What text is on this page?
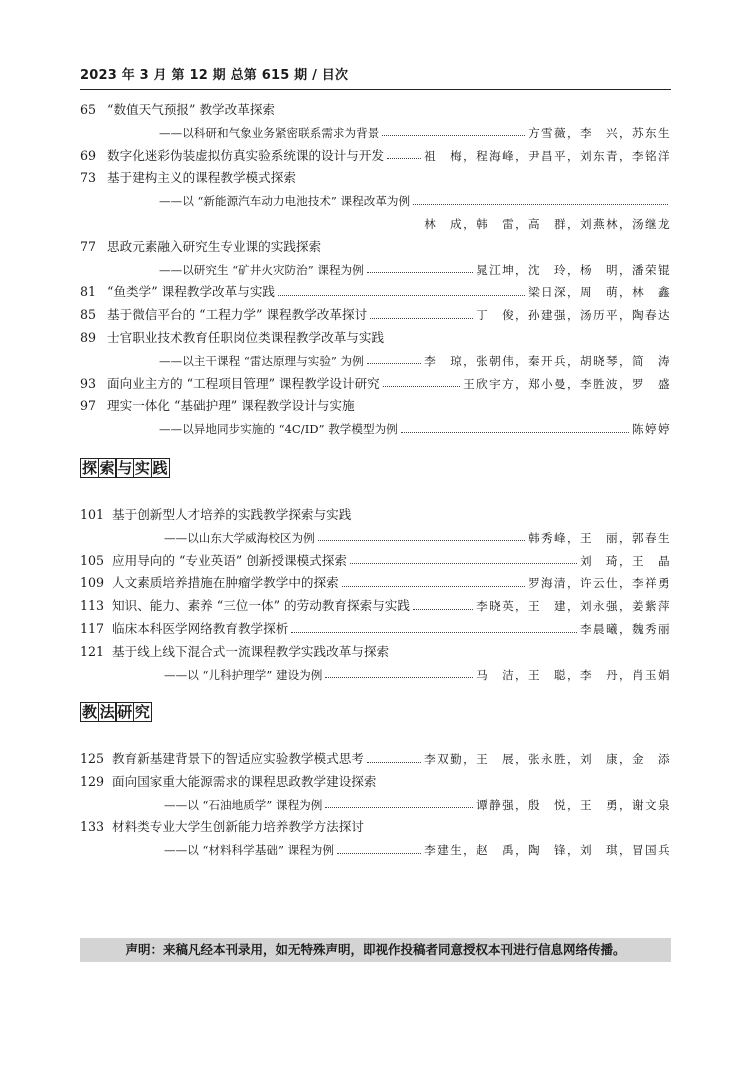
2023 年 3 月 第 12 期 总第 615 期 / 目次
65 “数值天气预报” 教学改革探索
——以科研和气象业务紧密联系需求为背景	方雪薇，李　兴，苏东生
69 数字化迷彩伪装虚拟仿真实验系统课的设计与开发	祖　梅，程海峰，尹昌平，刘东青，李铭洋
73 基于建构主义的课程教学模式探索
——以 “新能源汽车动力电池技术” 课程改革为例
林　成，韩　雷，高　群，刘燕林，汤继龙
77 思政元素融入研究生专业课的实践探索
——以研究生 “矿井火灾防治” 课程为例	晁江坤，沈　玲，杨　明，潘荣锟
81 “鱼类学” 课程教学改革与实践	梁日深，周　萌，林　鑫
85 基于微信平台的 “工程力学” 课程教学改革探讨	丁　俊，孙建强，汤历平，陶春达
89 士官职业技术教育任职岗位类课程教学改革与实践
——以主干课程 “雷达原理与实验” 为例	李　琼，张朝伟，秦开兵，胡晓琴，简　涛
93 面向业主方的 “工程项目管理” 课程教学设计研究	王欣宇方，郑小曼，李胜波，罗　盛
97 理实一体化 “基础护理” 课程教学设计与实施
——以异地同步实施的 “4C/ID” 教学模型为例	陈婷婷
探 索 与 实 践
101 基于创新型人才培养的实践教学探索与实践
——以山东大学威海校区为例	韩秀峰，王　丽，郭春生
105 应用导向的 “专业英语” 创新授课模式探索	刘　琦，王　晶
109 人文素质培养措施在肿瘤学教学中的探索	罗海清，许云仕，李祥勇
113 知识、能力、素养 “三位一体” 的劳动教育探索与实践	李晓英，王　建，刘永强，姜紫萍
117 临床本科医学网络教育教学探析	李晨曦，魏秀丽
121 基于线上线下混合式一流课程教学实践改革与探索
——以 “儿科护理学” 建设为例	马　洁，王　聪，李　丹，肖玉娟
教 法 研 究
125 教育新基建背景下的智适应实验教学模式思考	李双勤，王　展，张永胜，刘　康，金　添
129 面向国家重大能源需求的课程思政教学建设探索
——以 “石油地质学” 课程为例	谭静强，殷　悦，王　勇，谢文泉
133 材料类专业大学生创新能力培养教学方法探讨
——以 “材料科学基础” 课程为例	李建生，赵　禹，陶　锋，刘　琪，冒国兵
声明：来稿凡经本刊录用，如无特殊声明，即视作投稿者同意授权本刊进行信息网络传播。
